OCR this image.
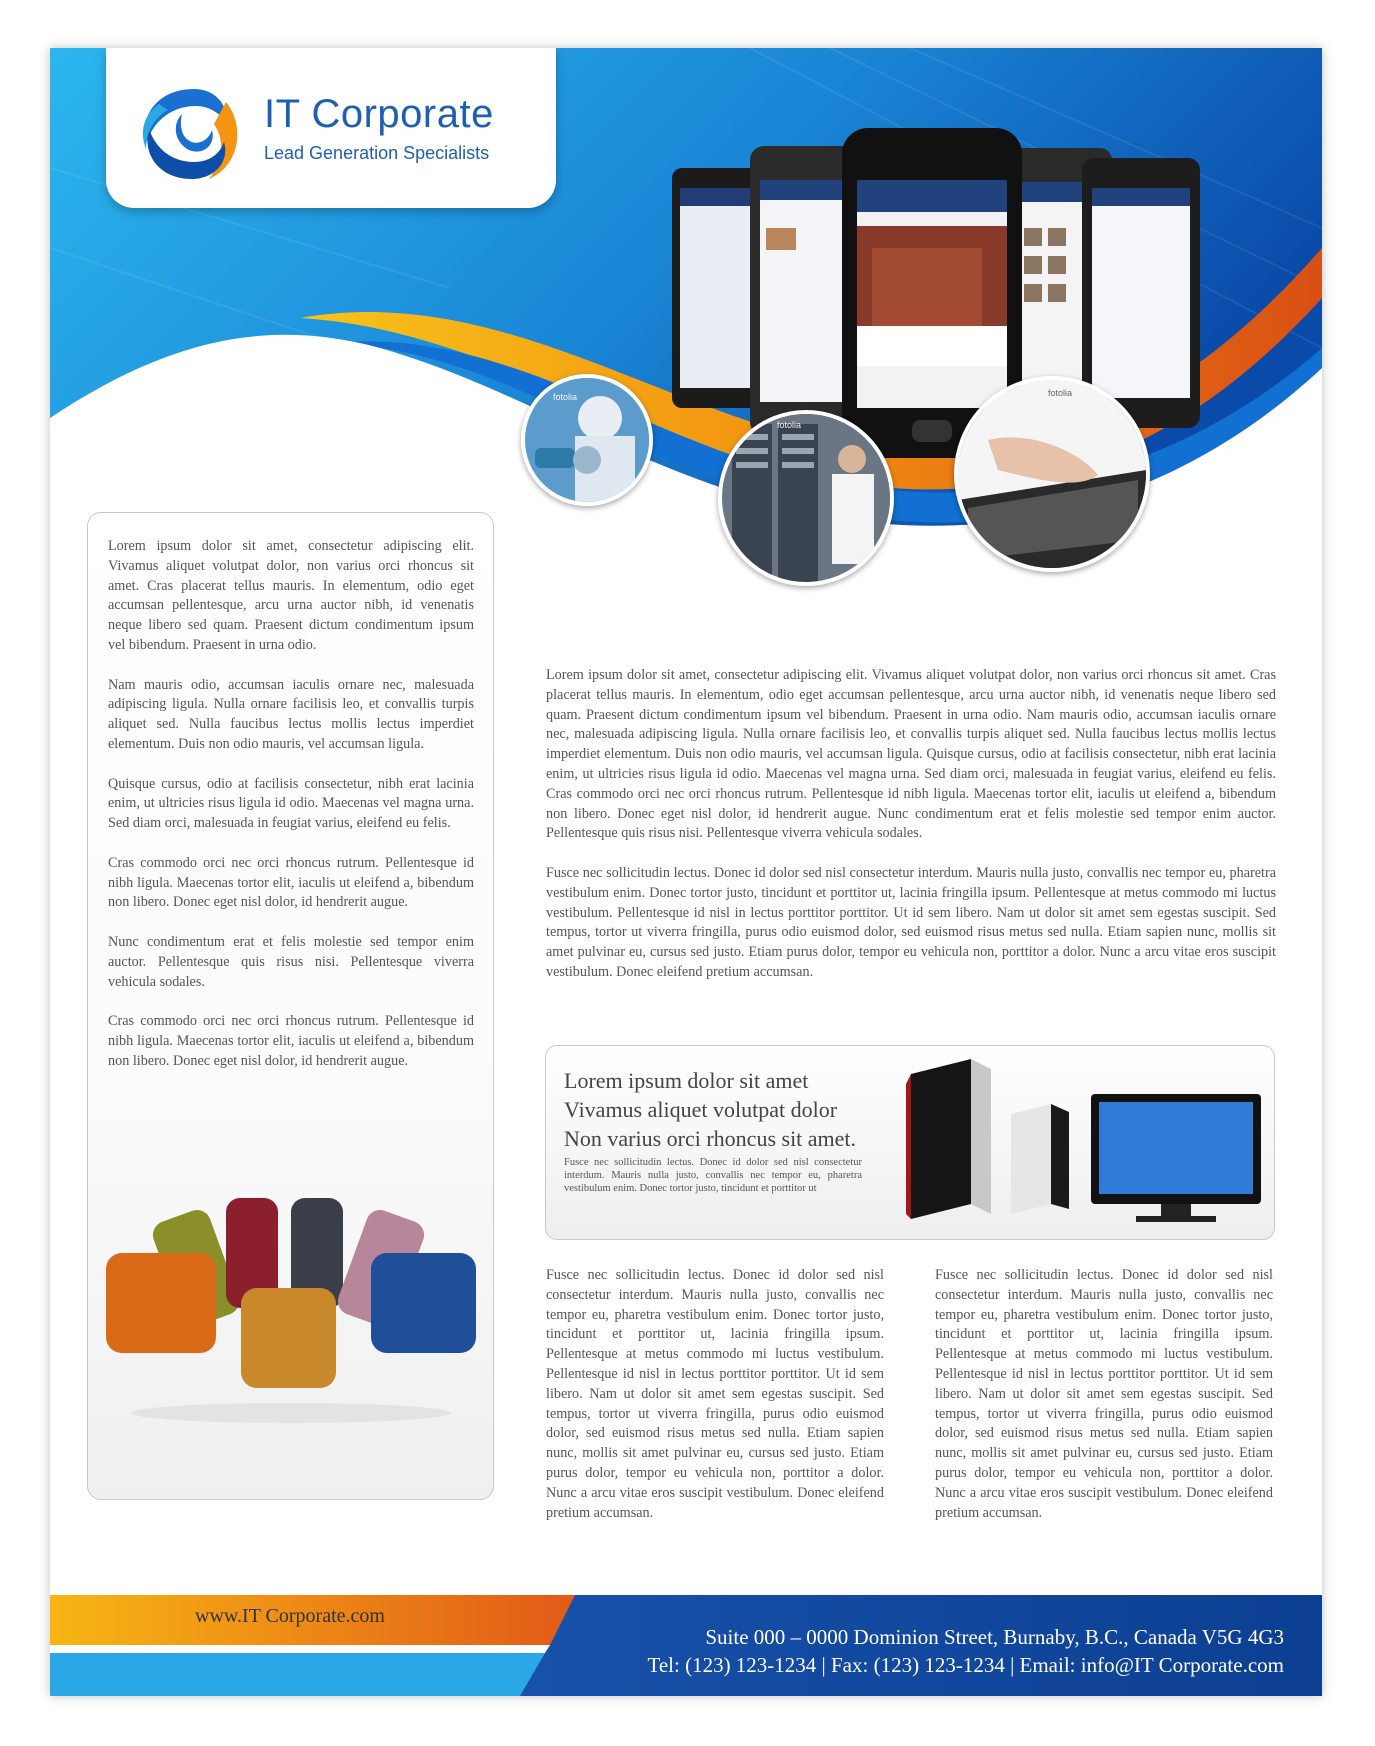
IT Corporate
Lead Generation Specialists
fotolia
fotolia
fotolia

Lorem ipsum dolor sit amet, consectetur adipiscing elit. Vivamus aliquet volutpat dolor, non varius orci rhoncus sit amet. Cras placerat tellus mauris. In elementum, odio eget accumsan pellentesque, arcu urna auctor nibh, id venenatis neque libero sed quam. Praesent dictum condimentum ipsum vel bibendum. Praesent in urna odio.

Nam mauris odio, accumsan iaculis ornare nec, malesuada adipiscing ligula. Nulla ornare facilisis leo, et convallis turpis aliquet sed. Nulla faucibus lectus mollis lectus imperdiet elementum. Duis non odio mauris, vel accumsan ligula.

Quisque cursus, odio at facilisis consectetur, nibh erat lacinia enim, ut ultricies risus ligula id odio. Maecenas vel magna urna. Sed diam orci, malesuada in feugiat varius, eleifend eu felis.

Cras commodo orci nec orci rhoncus rutrum. Pellentesque id nibh ligula. Maecenas tortor elit, iaculis ut eleifend a, bibendum non libero. Donec eget nisl dolor, id hendrerit augue.

Nunc condimentum erat et felis molestie sed tempor enim auctor. Pellentesque quis risus nisi. Pellentesque viverra vehicula sodales.

Cras commodo orci nec orci rhoncus rutrum. Pellentesque id nibh ligula. Maecenas tortor elit, iaculis ut eleifend a, bibendum non libero. Donec eget nisl dolor, id hendrerit augue.

Lorem ipsum dolor sit amet, consectetur adipiscing elit. Vivamus aliquet volutpat dolor, non varius orci rhoncus sit amet. Cras placerat tellus mauris. In elementum, odio eget accumsan pellentesque, arcu urna auctor nibh, id venenatis neque libero sed quam. Praesent dictum condimentum ipsum vel bibendum. Praesent in urna odio. Nam mauris odio, accumsan iaculis ornare nec, malesuada adipiscing ligula. Nulla ornare facilisis leo, et convallis turpis aliquet sed. Nulla faucibus lectus mollis lectus imperdiet elementum. Duis non odio mauris, vel accumsan ligula. Quisque cursus, odio at facilisis consectetur, nibh erat lacinia enim, ut ultricies risus ligula id odio. Maecenas vel magna urna. Sed diam orci, malesuada in feugiat varius, eleifend eu felis. Cras commodo orci nec orci rhoncus rutrum. Pellentesque id nibh ligula. Maecenas tortor elit, iaculis ut eleifend a, bibendum non libero. Donec eget nisl dolor, id hendrerit augue. Nunc condimentum erat et felis molestie sed tempor enim auctor. Pellentesque quis risus nisi. Pellentesque viverra vehicula sodales.

Fusce nec sollicitudin lectus. Donec id dolor sed nisl consectetur interdum. Mauris nulla justo, convallis nec tempor eu, pharetra vestibulum enim. Donec tortor justo, tincidunt et porttitor ut, lacinia fringilla ipsum. Pellentesque at metus commodo mi luctus vestibulum. Pellentesque id nisl in lectus porttitor porttitor. Ut id sem libero. Nam ut dolor sit amet sem egestas suscipit. Sed tempus, tortor ut viverra fringilla, purus odio euismod dolor, sed euismod risus metus sed nulla. Etiam sapien nunc, mollis sit amet pulvinar eu, cursus sed justo. Etiam purus dolor, tempor eu vehicula non, porttitor a dolor. Nunc a arcu vitae eros suscipit vestibulum. Donec eleifend pretium accumsan.

Lorem ipsum dolor sit amet
Vivamus aliquet volutpat dolor
Non varius orci rhoncus sit amet.
Fusce nec sollicitudin lectus. Donec id dolor sed nisl consectetur interdum. Mauris nulla justo, convallis nec tempor eu, pharetra vestibulum enim. Donec tortor justo, tincidunt et porttitor ut
Fusce nec sollicitudin lectus. Donec id dolor sed nisl consectetur interdum. Mauris nulla justo, convallis nec tempor eu, pharetra vestibulum enim. Donec tortor justo, tincidunt et porttitor ut, lacinia fringilla ipsum. Pellentesque at metus commodo mi luctus vestibulum. Pellentesque id nisl in lectus porttitor porttitor. Ut id sem libero. Nam ut dolor sit amet sem egestas suscipit. Sed tempus, tortor ut viverra fringilla, purus odio euismod dolor, sed euismod risus metus sed nulla. Etiam sapien nunc, mollis sit amet pulvinar eu, cursus sed justo. Etiam purus dolor, tempor eu vehicula non, porttitor a dolor. Nunc a arcu vitae eros suscipit vestibulum. Donec eleifend pretium accumsan.
Fusce nec sollicitudin lectus. Donec id dolor sed nisl consectetur interdum. Mauris nulla justo, convallis nec tempor eu, pharetra vestibulum enim. Donec tortor justo, tincidunt et porttitor ut, lacinia fringilla ipsum. Pellentesque at metus commodo mi luctus vestibulum. Pellentesque id nisl in lectus porttitor porttitor. Ut id sem libero. Nam ut dolor sit amet sem egestas suscipit. Sed tempus, tortor ut viverra fringilla, purus odio euismod dolor, sed euismod risus metus sed nulla. Etiam sapien nunc, mollis sit amet pulvinar eu, cursus sed justo. Etiam purus dolor, tempor eu vehicula non, porttitor a dolor. Nunc a arcu vitae eros suscipit vestibulum. Donec eleifend pretium accumsan.
www.IT Corporate.com
Suite 000 – 0000 Dominion Street, Burnaby, B.C., Canada V5G 4G3
Tel: (123) 123-1234 | Fax: (123) 123-1234 | Email: info@IT Corporate.com
